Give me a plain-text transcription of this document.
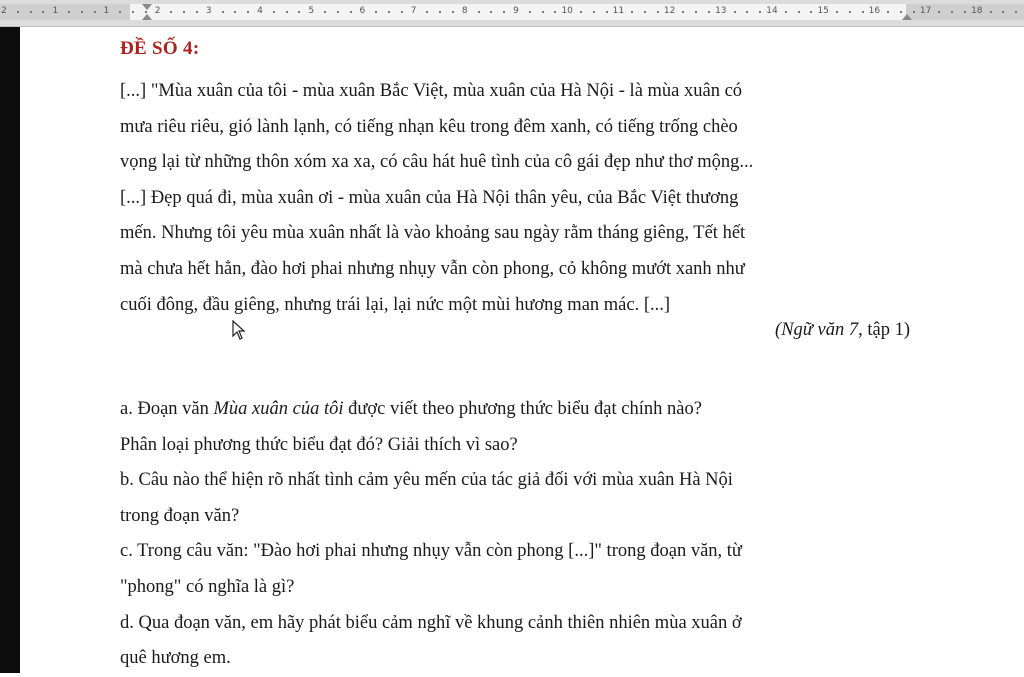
2	1	1	2	3	4	5	6	7	8	9	10	11	12	13	14	15	16	17	18
ĐỀ SỐ 4:
[...] "Mùa xuân của tôi - mùa xuân Bắc Việt, mùa xuân của Hà Nội - là mùa xuân có
mưa riêu riêu, gió lành lạnh, có tiếng nhạn kêu trong đêm xanh, có tiếng trống chèo
vọng lại từ những thôn xóm xa xa, có câu hát huê tình của cô gái đẹp như thơ mộng...
[...] Đẹp quá đi, mùa xuân ơi - mùa xuân của Hà Nội thân yêu, của Bắc Việt thương
mến. Nhưng tôi yêu mùa xuân nhất là vào khoảng sau ngày rằm tháng giêng, Tết hết
mà chưa hết hẳn, đào hơi phai nhưng nhụy vẫn còn phong, cỏ không mướt xanh như
cuối đông, đầu giêng, nhưng trái lại, lại nức một mùi hương man mác. [...]
(Ngữ văn 7, tập 1)
a. Đoạn văn Mùa xuân của tôi được viết theo phương thức biểu đạt chính nào?
Phân loại phương thức biểu đạt đó? Giải thích vì sao?
b. Câu nào thể hiện rõ nhất tình cảm yêu mến của tác giả đối với mùa xuân Hà Nội
trong đoạn văn?
c. Trong câu văn: "Đào hơi phai nhưng nhụy vẫn còn phong [...]" trong đoạn văn, từ
"phong" có nghĩa là gì?
d. Qua đoạn văn, em hãy phát biểu cảm nghĩ về khung cảnh thiên nhiên mùa xuân ở
quê hương em.
